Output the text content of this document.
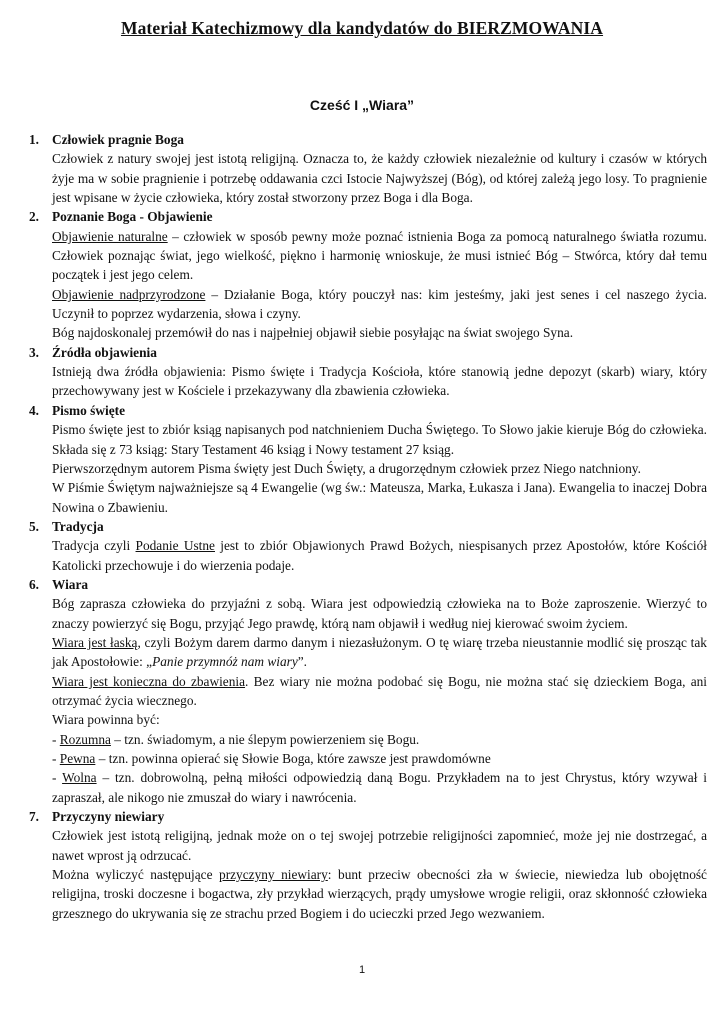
Materiał Katechizmowy dla kandydatów do BIERZMOWANIA
Cześć I „Wiara”
1. Człowiek pragnie Boga

Człowiek z natury swojej jest istotą religijną. Oznacza to, że każdy człowiek niezależnie od kultury i czasów w których żyje ma w sobie pragnienie i potrzebę oddawania czci Istocie Najwyższej (Bóg), od której zależą jego losy. To pragnienie jest wpisane w życie człowieka, który został stworzony przez Boga i dla Boga.

2. Poznanie Boga - Objawienie

Objawienie naturalne – człowiek w sposób pewny może poznać istnienia Boga za pomocą naturalnego światła rozumu. Człowiek poznając świat, jego wielkość, piękno i harmonię wnioskuje, że musi istnieć Bóg – Stwórca, który dał temu początek i jest jego celem.

Objawienie nadprzyrodzone – Działanie Boga, który pouczył nas: kim jesteśmy, jaki jest senes i cel naszego życia. Uczynił to poprzez wydarzenia, słowa i czyny.

Bóg najdoskonalej przemówił do nas i najpełniej objawił siebie posyłając na świat swojego Syna.

3. Źródła objawienia

Istnieją dwa źródła objawienia: Pismo święte i Tradycja Kościoła, które stanowią jedne depozyt (skarb) wiary, który przechowywany jest w Kościele i przekazywany dla zbawienia człowieka.

4. Pismo święte

Pismo święte jest to zbiór ksiąg napisanych pod natchnieniem Ducha Świętego. To Słowo jakie kieruje Bóg do człowieka. Składa się z 73 ksiąg: Stary Testament 46 ksiąg i Nowy testament 27 ksiąg.

Pierwszorzędnym autorem Pisma święty jest Duch Święty, a drugorzędnym człowiek przez Niego natchniony.

W Piśmie Świętym najważniejsze są 4 Ewangelie (wg św.: Mateusza, Marka, Łukasza i Jana). Ewangelia to inaczej Dobra Nowina o Zbawieniu.

5. Tradycja

Tradycja czyli Podanie Ustne jest to zbiór Objawionych Prawd Bożych, niespisanych przez Apostołów, które Kościół Katolicki przechowuje i do wierzenia podaje.

6. Wiara

Bóg zaprasza człowieka do przyjaźni z sobą. Wiara jest odpowiedzią człowieka na to Boże zaproszenie. Wierzyć to znaczy powierzyć się Bogu, przyjąć Jego prawdę, którą nam objawił i według niej kierować swoim życiem.

Wiara jest łaską, czyli Bożym darem darmo danym i niezasłużonym. O tę wiarę trzeba nieustannie modlić się prosząc tak jak Apostołowie: „Panie przymnóż nam wiary”.

Wiara jest konieczna do zbawienia. Bez wiary nie można podobać się Bogu, nie można stać się dzieckiem Boga, ani otrzymać życia wiecznego.

Wiara powinna być:

- Rozumna – tzn. świadomym, a nie ślepym powierzeniem się Bogu.

- Pewna – tzn. powinna opierać się Słowie Boga, które zawsze jest prawdomówne

- Wolna – tzn. dobrowolną, pełną miłości odpowiedzią daną Bogu. Przykładem na to jest Chrystus, który wzywał i zapraszał, ale nikogo nie zmuszał do wiary i nawrócenia.

7. Przyczyny niewiary

Człowiek jest istotą religijną, jednak może on o tej swojej potrzebie religijności zapomnieć, może jej nie dostrzegać, a nawet wprost ją odrzucać.

Można wyliczyć następujące przyczyny niewiary: bunt przeciw obecności zła w świecie, niewiedza lub obojętność religijna, troski doczesne i bogactwa, zły przykład wierzących, prądy umysłowe wrogie religii, oraz skłonność człowieka grzesznego do ukrywania się ze strachu przed Bogiem i do ucieczki przed Jego wezwaniem.

1
